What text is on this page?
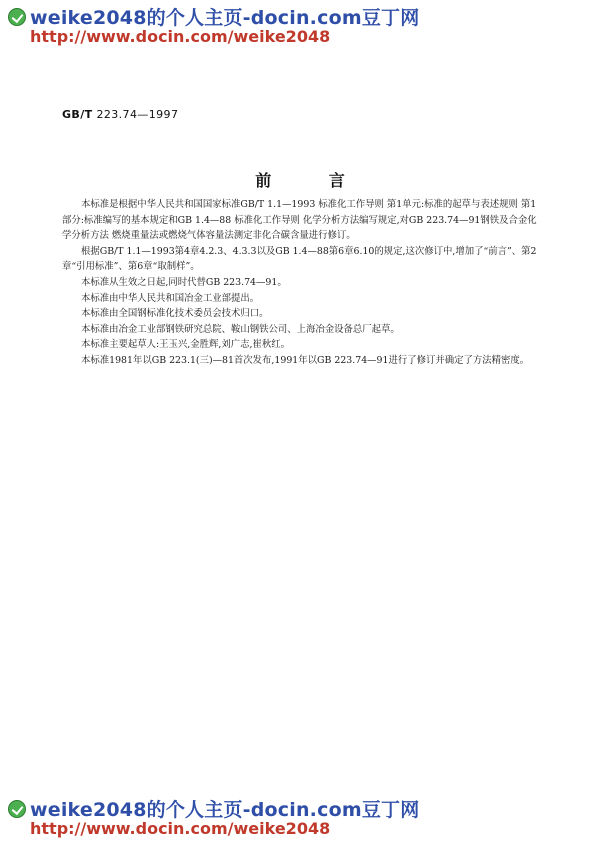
weike2048的个人主页-docin.com豆丁网
http://www.docin.com/weike2048
GB/T 223.74—1997
前 言

本标准是根据中华人民共和国国家标准GB/T 1.1—1993 标准化工作导则 第1单元:标准的起草与表述规则 第1部分:标准编写的基本规定和GB 1.4—88 标准化工作导则 化学分析方法编写规定,对GB 223.74—91钢铁及合金化学分析方法 燃烧重量法或燃烧气体容量法测定非化合碳含量进行修订。

根据GB/T 1.1—1993第4章4.2.3、4.3.3以及GB 1.4—88第6章6.10的规定,这次修订中,增加了“前言”、第2章“引用标准”、第6章“取制样”。

本标准从生效之日起,同时代替GB 223.74—91。

本标准由中华人民共和国冶金工业部提出。

本标准由全国钢标准化技术委员会技术归口。

本标准由冶金工业部钢铁研究总院、鞍山钢铁公司、上海冶金设备总厂起草。

本标准主要起草人:王玉兴,金胜辉,刘广志,崔秋红。

本标准1981年以GB 223.1(三)—81首次发布,1991年以GB 223.74—91进行了修订并确定了方法精密度。

weike2048的个人主页-docin.com豆丁网
http://www.docin.com/weike2048
